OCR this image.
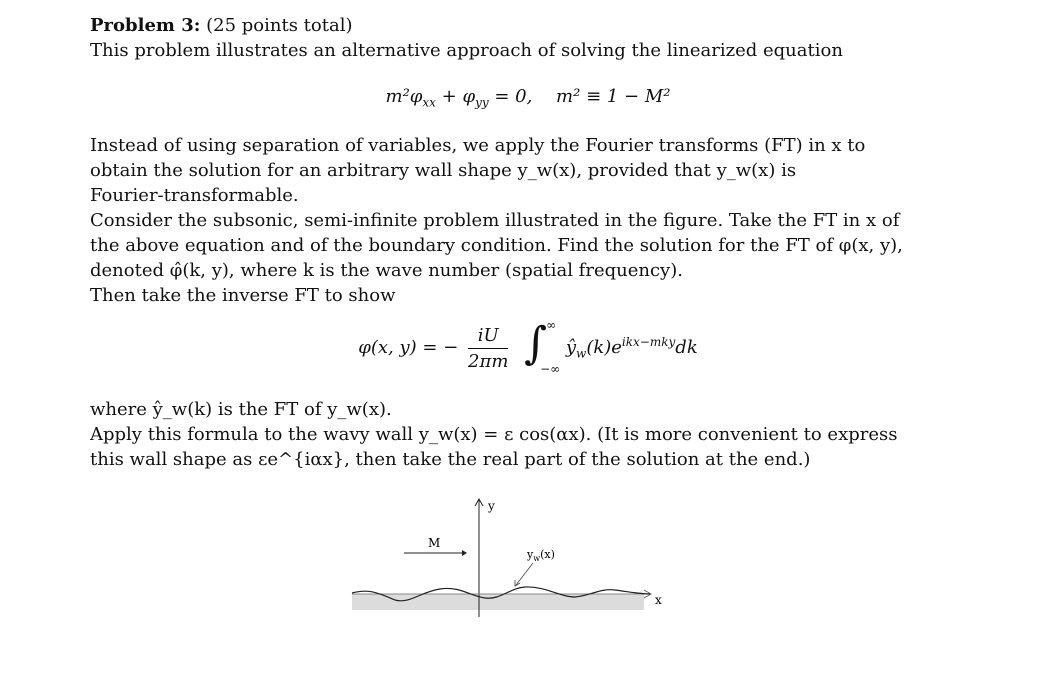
Problem 3: (25 points total)
This problem illustrates an alternative approach of solving the linearized equation

$m^2\varphi_{xx} + \varphi_{yy} = 0$,  m² ≡ 1 − M²

Instead of using separation of variables, we apply the Fourier transforms (FT) in x to
obtain the solution for an arbitrary wall shape y_w(x), provided that y_w(x) is
Fourier-transformable.
Consider the subsonic, semi-infinite problem illustrated in the figure. Take the FT in x of
the above equation and of the boundary condition. Find the solution for the FT of φ(x, y),
denoted φ̂(k, y), where k is the wave number (spatial frequency).
Then take the inverse FT to show

φ(x, y) = − $\frac{iU}{2\pi m}$
∫ ∞
−∞
$ŷ_w(k)e^{ikx-mky}dk$

where ŷ_w(k) is the FT of y_w(x).
Apply this formula to the wavy wall y_w(x) = ε cos(αx). (It is more convenient to express
this wall shape as εe^{iαx}, then take the real part of the solution at the end.)

y
x
M
$y_w(x)$
